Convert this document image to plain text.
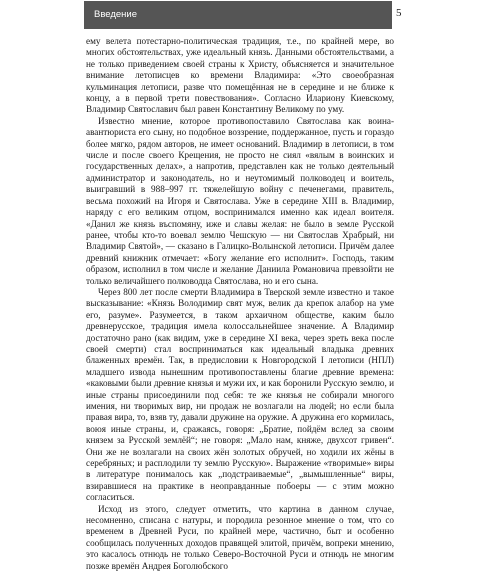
Введение	5

ему велета потестарно-политическая традиция, т.е., по крайней мере, во многих обстоятельствах, уже идеальный князь. Данными обстоятельствами, а не только приведением своей страны к Христу, объясняется и значительное внимание летописцев ко времени Владимира: «Это своеобразная кульминация летописи, разве что помещённая не в середине и не ближе к концу, а в первой трети повествования». Согласно Илариону Киевскому, Владимир Святославич был равен Константину Великому по уму.

Известно мнение, которое противопоставило Святослава как воина-авантюриста его сыну, но подобное воззрение, поддержанное, пусть и гораздо более мягко, рядом авторов, не имеет оснований. Владимир в летописи, в том числе и после своего Крещения, не просто не сиял «вялым в воинских и государственных делах», а напротив, представлен как не только деятельный администратор и законодатель, но и неутомимый полководец и воитель, выигравший в 988–997 гг. тяжелейшую войну с печенегами, правитель, весьма похожий на Игоря и Святослава. Уже в середине XIII в. Владимир, наряду с его великим отцом, воспринимался именно как идеал воителя. «Данил же князь въспомяну, иже и славы желая: не было в земле Русской ранее, чтобы кто-то воевал землю Чешскую — ни Святослав Храбрый, ни Владимир Святой», — сказано в Галицко-Волынской летописи. Причём далее древний книжник отмечает: «Богу желание его исполнит». Господь, таким образом, исполнил в том числе и желание Даниила Романовича превзойти не только величайшего полководца Святослава, но и его сына.

Через 800 лет после смерти Владимира в Тверской земле известно и такое высказывание: «Князь Володимир свят муж, велик да крепок алабор на уме его, разуме». Разумеется, в таком архаичном обществе, каким было древнерусское, традиция имела колоссальнейшее значение. А Владимир достаточно рано (как видим, уже в середине XI века, через зреть века после своей смерти) стал восприниматься как идеальный владыка древних блаженных времён. Так, в предисловии к Новгородской I летописи (НПЛ) младшего извода нынешним противопоставлены благие древние времена: «каковыми были древние князья и мужи их, и как боронили Русскую землю, и иные страны присоединили под себя: те же князья не собирали многого имения, ни творимых вир, ни продаж не возлагали на людей; но если была правая вира, то, взяв ту, давали дружине на оружие. А дружина его кормилась, воюя иные страны, и, сражаясь, говоря: „Братие, пойдём вслед за своим князем за Русской землёй“; не говоря: „Мало нам, княже, двухсот гривен“. Они же не возлагали на своих жён золотых обручей, но ходили их жёны в серебряных; и расплодили ту землю Русскую». Выражение «творимые» виры в литературе понималось как „подстраиваемые“, „вымышленные“ виры, взиравшиеся на практике в неоправданные побоеры — с этим можно согласиться.

Исход из этого, следует отметить, что картина в данном случае, несомненно, списана с натуры, и породила резонное мнение о том, что со временем в Древней Руси, по крайней мере, частично, быт и особенно сообщилась полученных доходов правящей элитой, причём, вопреки мнению, это касалось отнюдь не только Северо-Восточной Руси и отнюдь не многим позже времён Андрея Боголюбского
